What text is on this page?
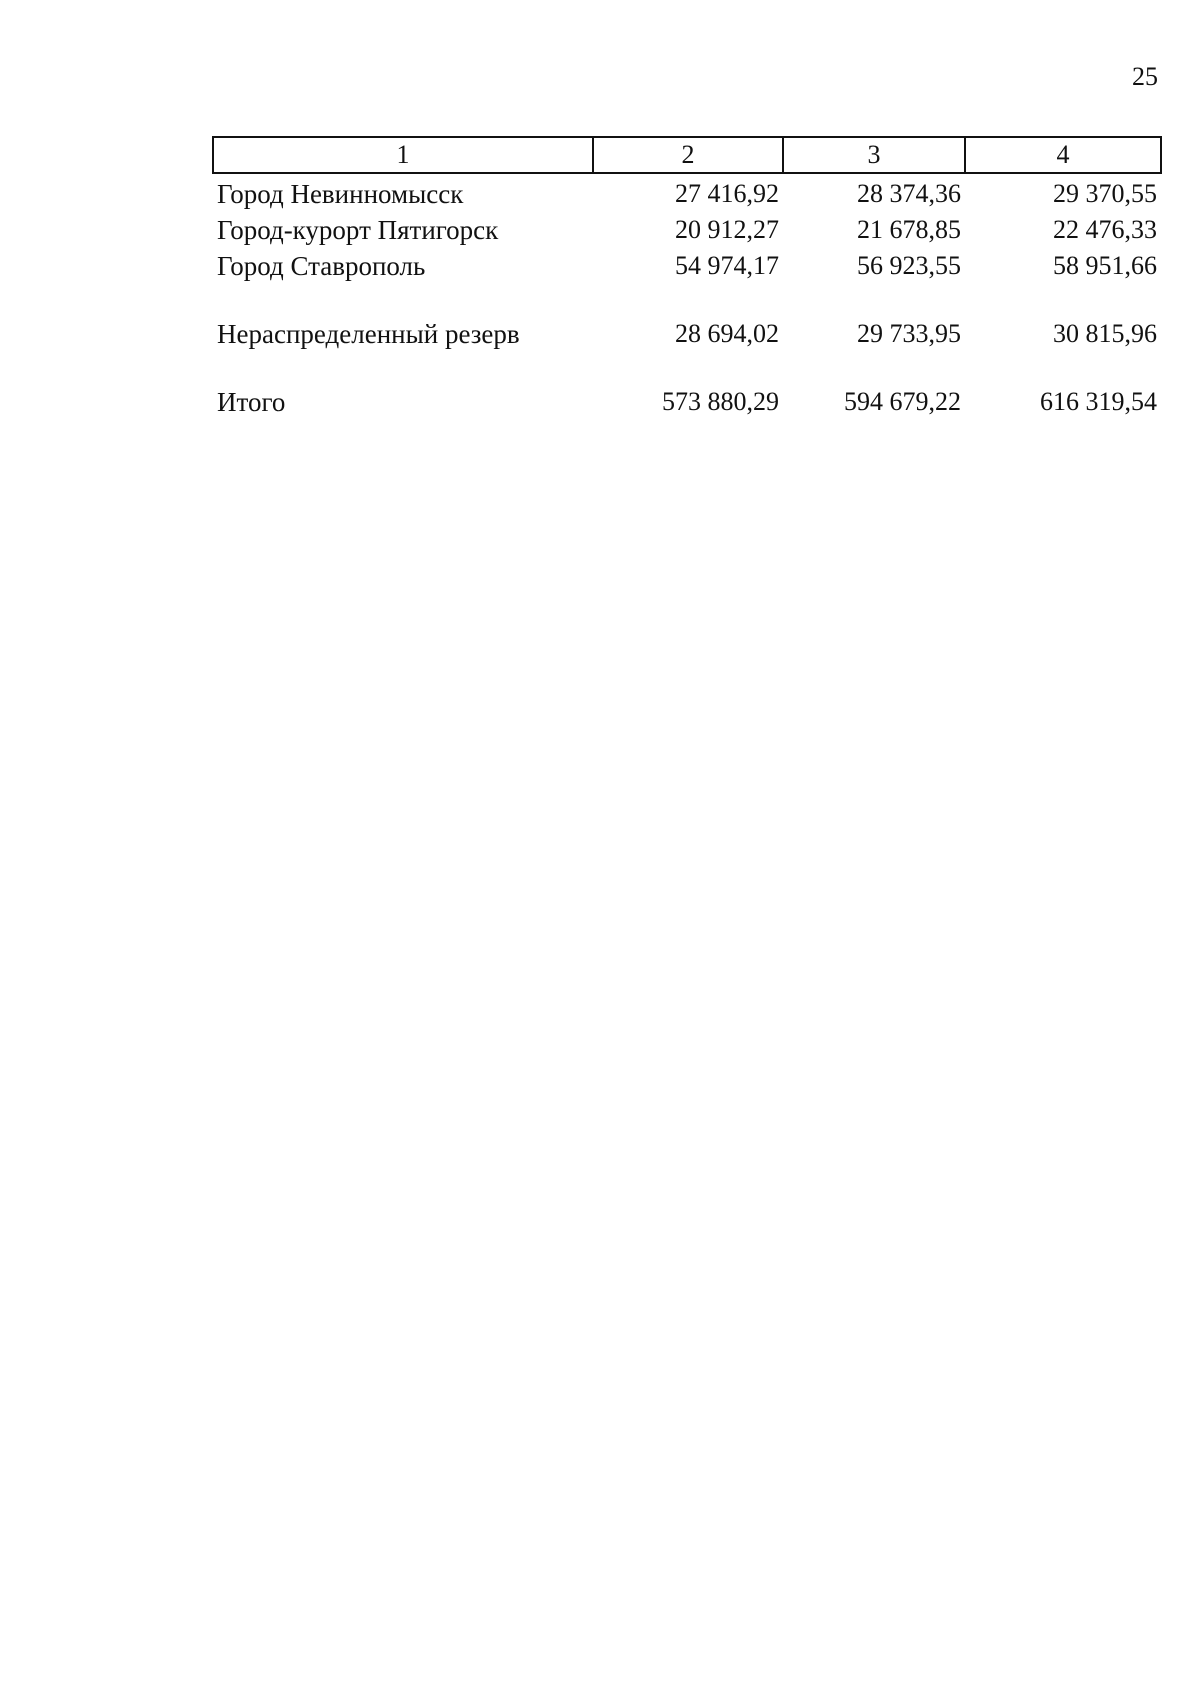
25
1	2	3	4
Город Невинномысск	27 416,92	28 374,36	29 370,55
Город-курорт Пятигорск	20 912,27	21 678,85	22 476,33
Город Ставрополь	54 974,17	56 923,55	58 951,66

Нераспределенный резерв	28 694,02	29 733,95	30 815,96

Итого	573 880,29	594 679,22	616 319,54
